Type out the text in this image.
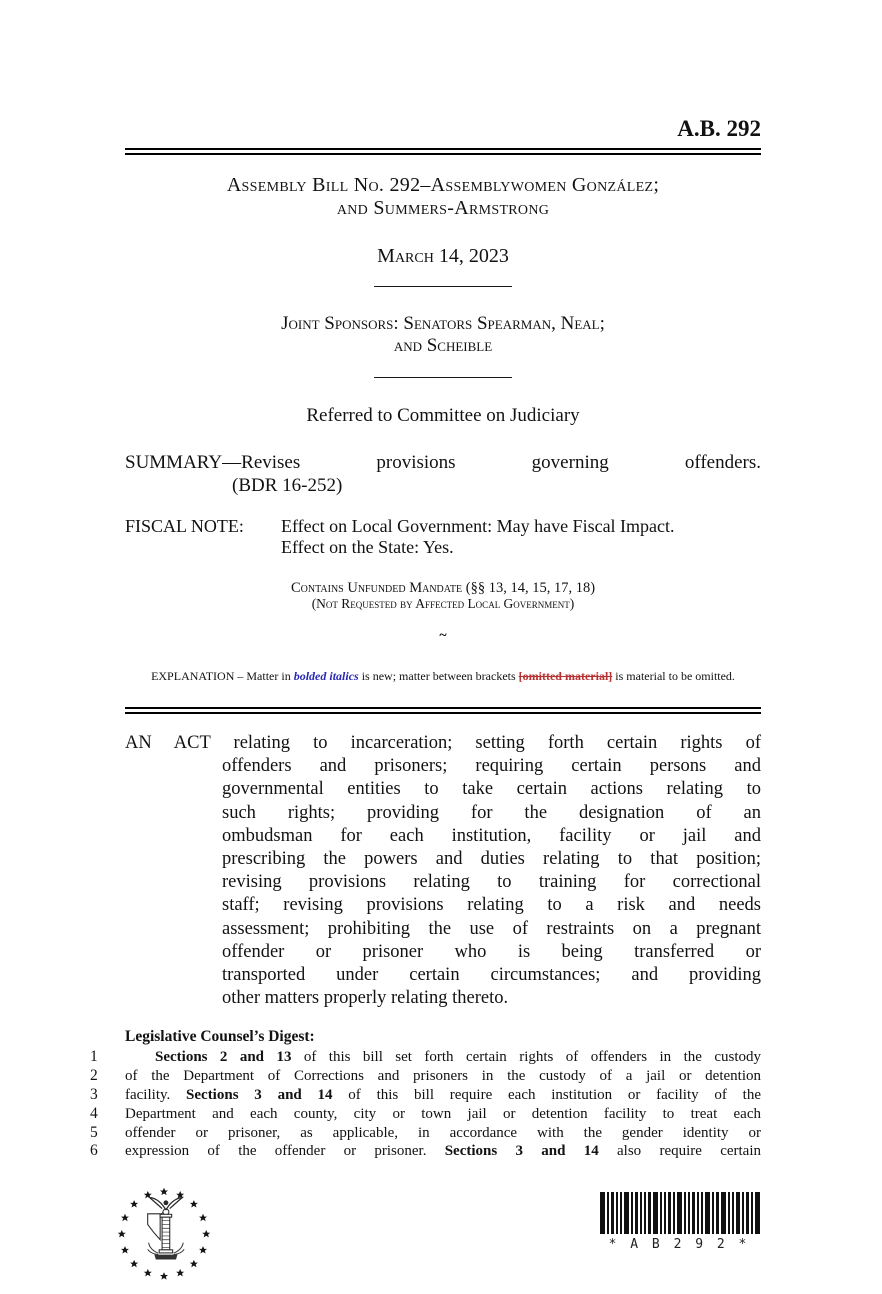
A.B. 292
Assembly Bill No. 292–Assemblywomen González;
and Summers-Armstrong
March 14, 2023
Joint Sponsors: Senators Spearman, Neal;
and Scheible
Referred to Committee on Judiciary
SUMMARY—Revises provisions governing offenders.
(BDR 16-252)
FISCAL NOTE:	Effect on Local Government: May have Fiscal Impact.
Effect on the State: Yes.
Contains Unfunded Mandate (§§ 13, 14, 15, 17, 18)
(Not Requested by Affected Local Government)
~
EXPLANATION – Matter in bolded italics is new; matter between brackets [omitted material] is material to be omitted.
AN ACT relating to incarceration; setting forth certain rights of
offenders and prisoners; requiring certain persons and
governmental entities to take certain actions relating to
such rights; providing for the designation of an
ombudsman for each institution, facility or jail and
prescribing the powers and duties relating to that position;
revising provisions relating to training for correctional
staff; revising provisions relating to a risk and needs
assessment; prohibiting the use of restraints on a pregnant
offender or prisoner who is being transferred or
transported under certain circumstances; and providing
other matters properly relating thereto.
Legislative Counsel’s Digest:
1	Sections 2 and 13 of this bill set forth certain rights of offenders in the custody
2	of the Department of Corrections and prisoners in the custody of a jail or detention
3	facility. Sections 3 and 14 of this bill require each institution or facility of the
4	Department and each county, city or town jail or detention facility to treat each
5	offender or prisoner, as applicable, in accordance with the gender identity or
6	expression of the offender or prisoner. Sections 3 and 14 also require certain
* A B 2 9 2 *
